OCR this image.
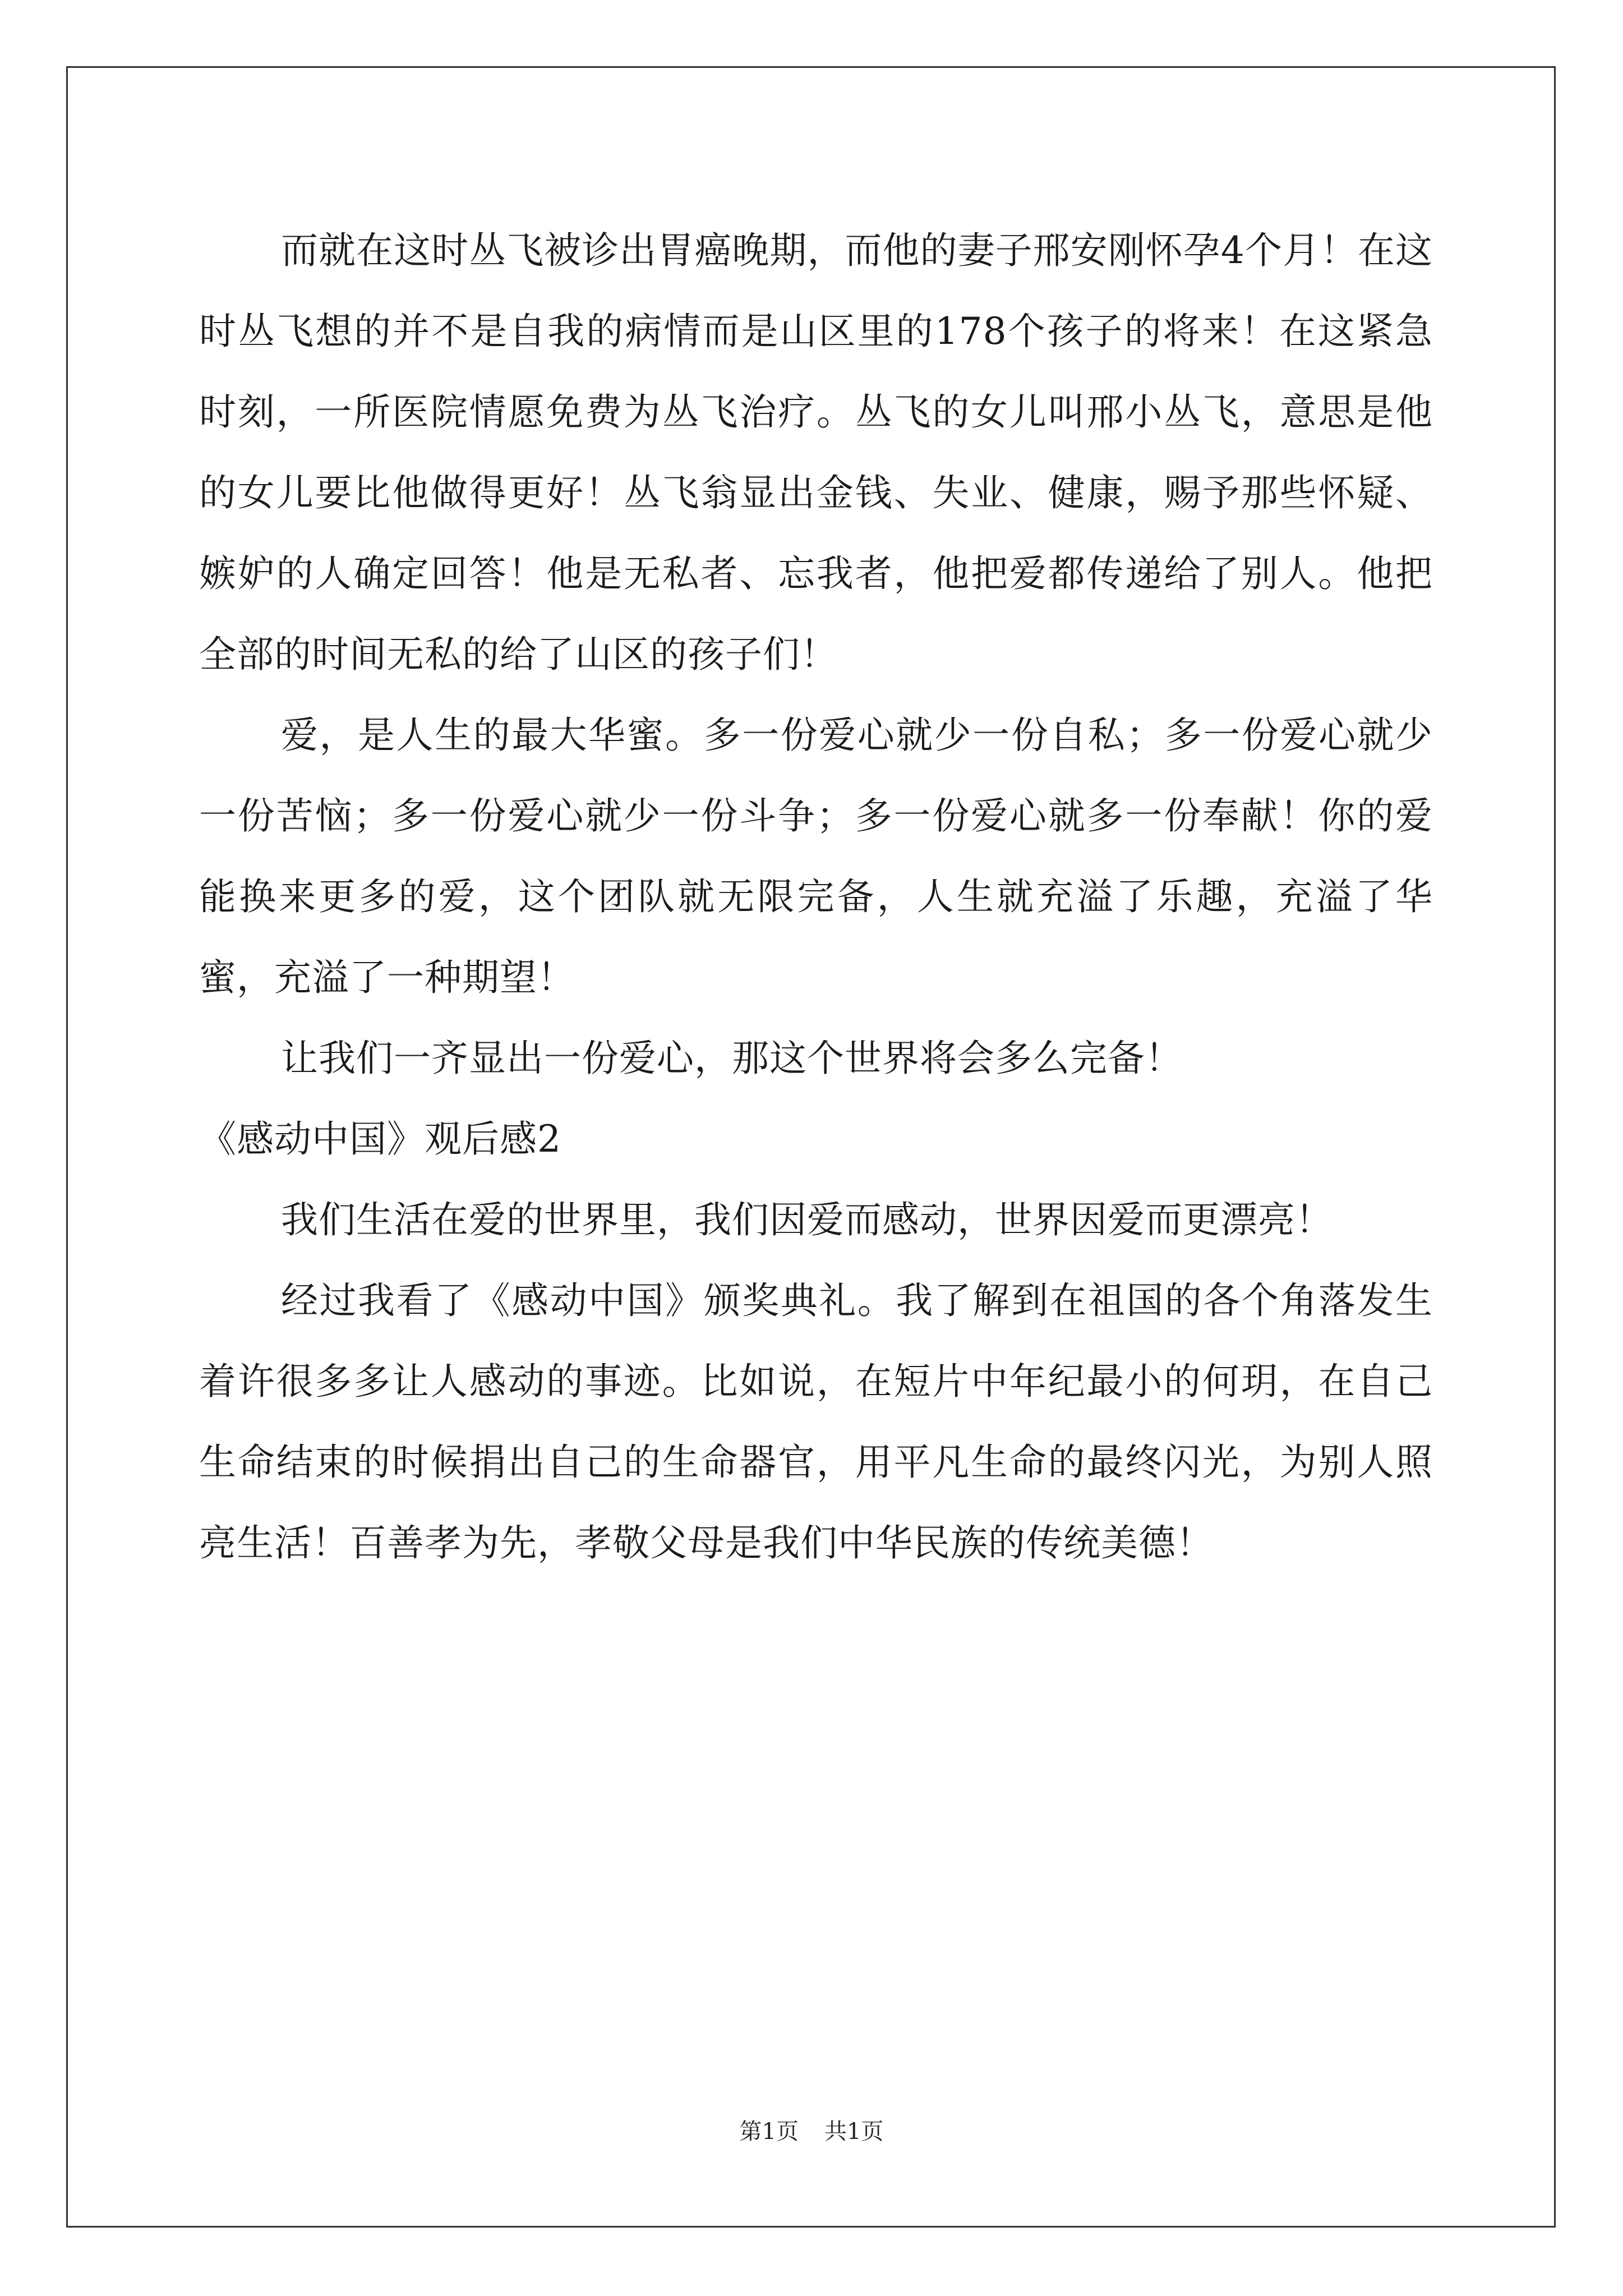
而就在这时丛飞被诊出胃癌晚期，而他的妻子邢安刚怀孕4个月！在这时丛飞想的并不是自我的病情而是山区里的178个孩子的将来！在这紧急时刻，一所医院情愿免费为丛飞治疗。丛飞的女儿叫邢小丛飞，意思是他的女儿要比他做得更好！丛飞翁显出金钱、失业、健康，赐予那些怀疑、嫉妒的人确定回答！他是无私者、忘我者，他把爱都传递给了别人。他把全部的时间无私的给了山区的孩子们！

爱，是人生的最大华蜜。多一份爱心就少一份自私；多一份爱心就少一份苦恼；多一份爱心就少一份斗争；多一份爱心就多一份奉献！你的爱能换来更多的爱，这个团队就无限完备，人生就充溢了乐趣，充溢了华蜜，充溢了一种期望！

让我们一齐显出一份爱心，那这个世界将会多么完备！

《感动中国》观后感2

我们生活在爱的世界里，我们因爱而感动，世界因爱而更漂亮！

经过我看了《感动中国》颁奖典礼。我了解到在祖国的各个角落发生着许很多多让人感动的事迹。比如说，在短片中年纪最小的何玥，在自己生命结束的时候捐出自己的生命器官，用平凡生命的最终闪光，为别人照亮生活！百善孝为先，孝敬父母是我们中华民族的传统美德！

第1页 共1页
